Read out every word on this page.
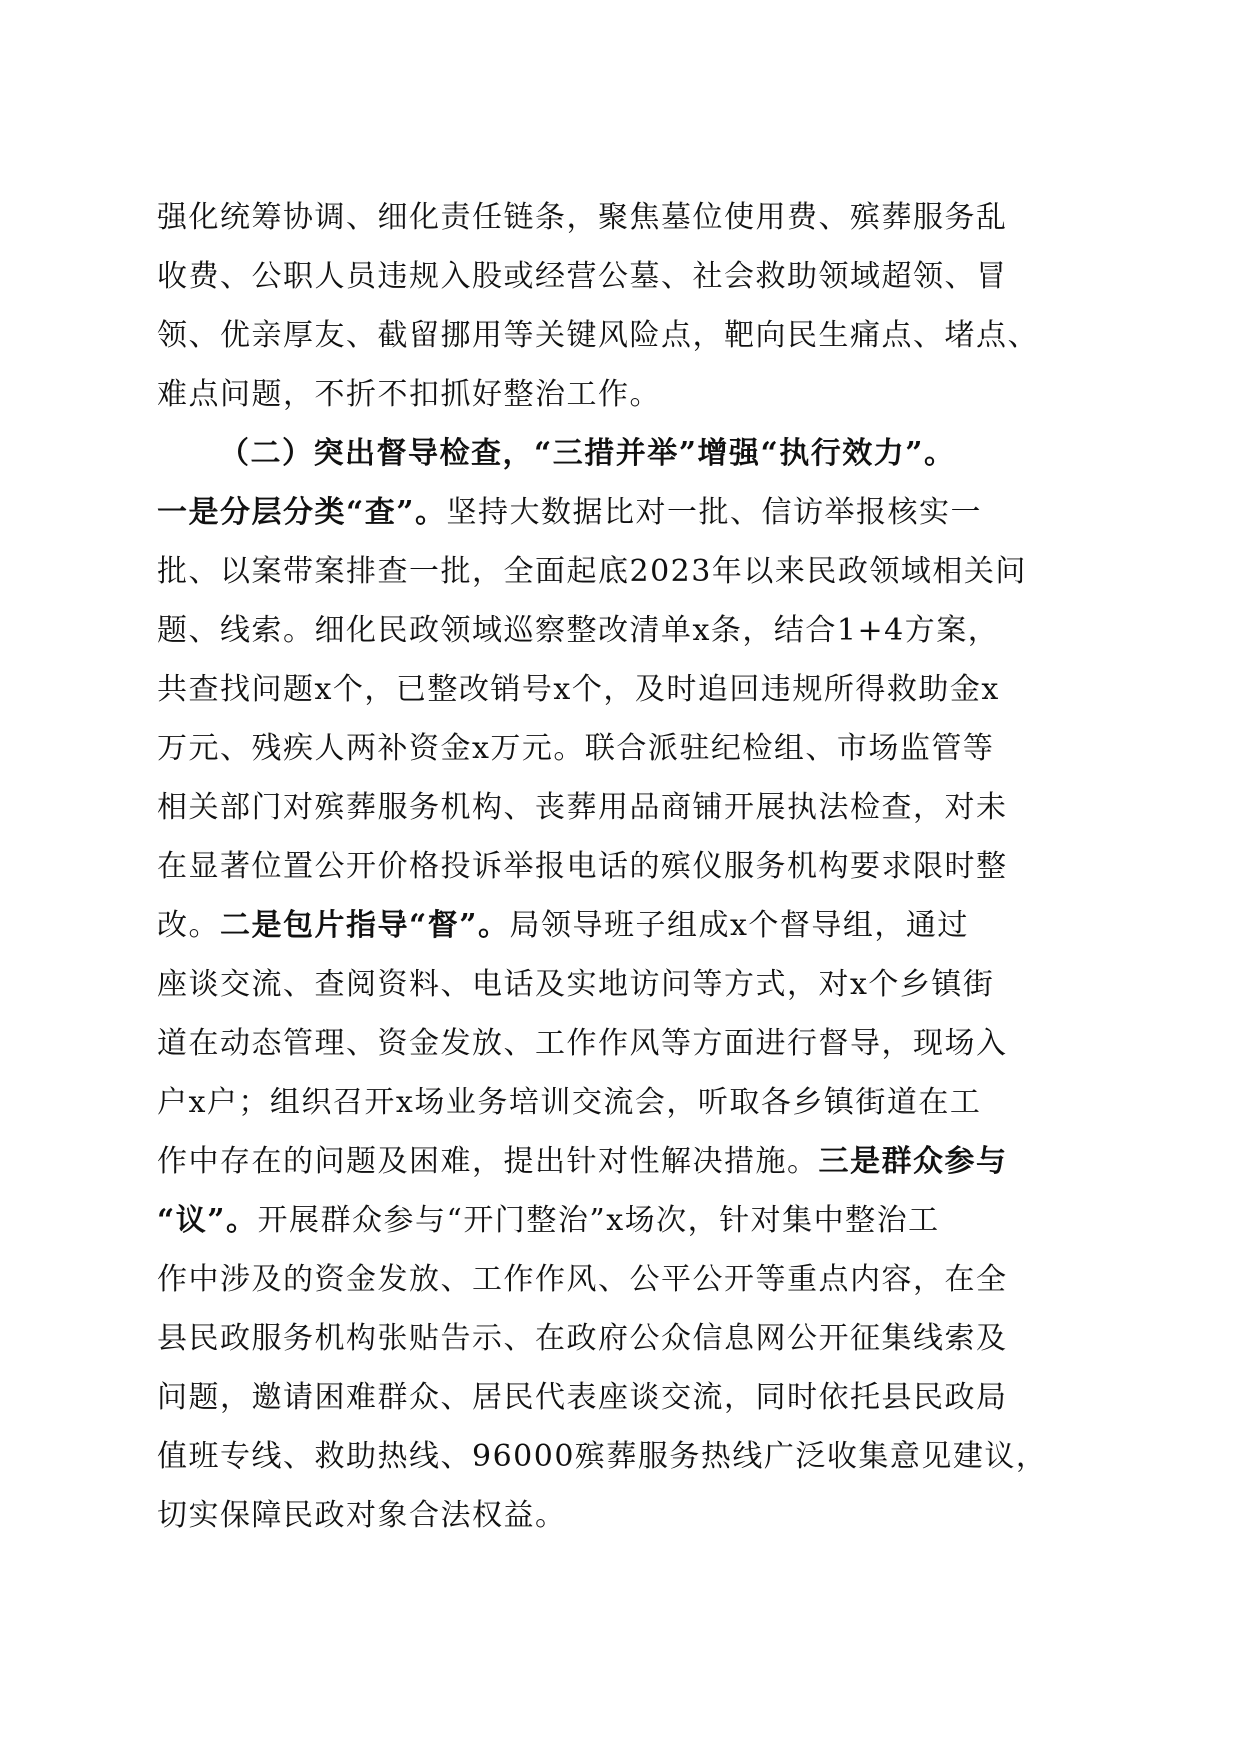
强化统筹协调、细化责任链条，聚焦墓位使用费、殡葬服务乱
收费、公职人员违规入股或经营公墓、社会救助领域超领、冒
领、优亲厚友、截留挪用等关键风险点，靶向民生痛点、堵点、
难点问题，不折不扣抓好整治工作。
（二）突出督导检查，“三措并举”增强“执行效力”。
一是分层分类“查”。坚持大数据比对一批、信访举报核实一
批、以案带案排查一批，全面起底2023年以来民政领域相关问
题、线索。细化民政领域巡察整改清单x条，结合1+4方案，
共查找问题x个，已整改销号x个，及时追回违规所得救助金x
万元、残疾人两补资金x万元。联合派驻纪检组、市场监管等
相关部门对殡葬服务机构、丧葬用品商铺开展执法检查，对未
在显著位置公开价格投诉举报电话的殡仪服务机构要求限时整
改。二是包片指导“督”。局领导班子组成x个督导组，通过
座谈交流、查阅资料、电话及实地访问等方式，对x个乡镇街
道在动态管理、资金发放、工作作风等方面进行督导，现场入
户x户；组织召开x场业务培训交流会，听取各乡镇街道在工
作中存在的问题及困难，提出针对性解决措施。三是群众参与
“议”。开展群众参与“开门整治”x场次，针对集中整治工
作中涉及的资金发放、工作作风、公平公开等重点内容，在全
县民政服务机构张贴告示、在政府公众信息网公开征集线索及
问题，邀请困难群众、居民代表座谈交流，同时依托县民政局
值班专线、救助热线、96000殡葬服务热线广泛收集意见建议，
切实保障民政对象合法权益。
